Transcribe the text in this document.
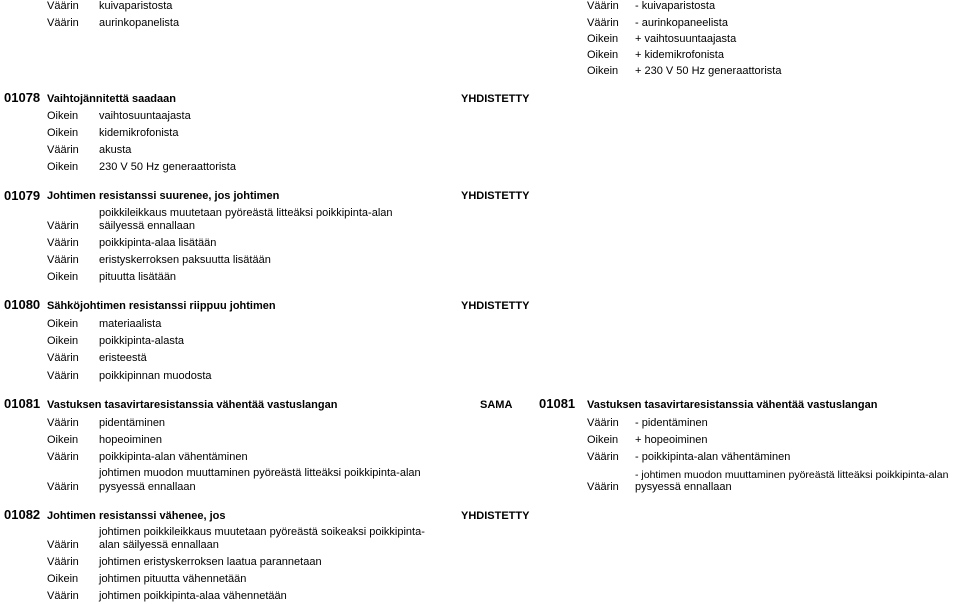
Väärin kuivaparistosta
Väärin aurinkopanelista
Väärin - kuivaparistosta
Väärin - aurinkopaneelista
Oikein + vaihtosuuntaajasta
Oikein + kidemikrofonista
Oikein + 230 V 50 Hz generaattorista
01078 Vaihtojännitettä saadaan	YHDISTETTY
Oikein vaihtosuuntaajasta
Oikein kidemikrofonista
Väärin akusta
Oikein 230 V 50 Hz generaattorista
01079 Johtimen resistanssi suurenee, jos johtimen	YHDISTETTY
poikkileikkaus muutetaan pyöreästä litteäksi poikkipinta-alan
Väärin säilyessä ennallaan
Väärin poikkipinta-alaa lisätään
Väärin eristyskerroksen paksuutta lisätään
Oikein pituutta lisätään
01080 Sähköjohtimen resistanssi riippuu johtimen	YHDISTETTY
Oikein materiaalista
Oikein poikkipinta-alasta
Väärin eristeestä
Väärin poikkipinnan muodosta
01081 Vastuksen tasavirtaresistanssia vähentää vastuslangan	SAMA
Väärin pidentäminen
Oikein hopeoiminen
Väärin poikkipinta-alan vähentäminen
johtimen muodon muuttaminen pyöreästä litteäksi poikkipinta-alan
Väärin pysyessä ennallaan
01081 Vastuksen tasavirtaresistanssia vähentää vastuslangan
Väärin - pidentäminen
Oikein + hopeoiminen
Väärin - poikkipinta-alan vähentäminen
- johtimen muodon muuttaminen pyöreästä litteäksi poikkipinta-alan
Väärin pysyessä ennallaan
01082 Johtimen resistanssi vähenee, jos	YHDISTETTY
johtimen poikkileikkaus muutetaan pyöreästä soikeaksi poikkipinta-
Väärin alan säilyessä ennallaan
Väärin johtimen eristyskerroksen laatua parannetaan
Oikein johtimen pituutta vähennetään
Väärin johtimen poikkipinta-alaa vähennetään
